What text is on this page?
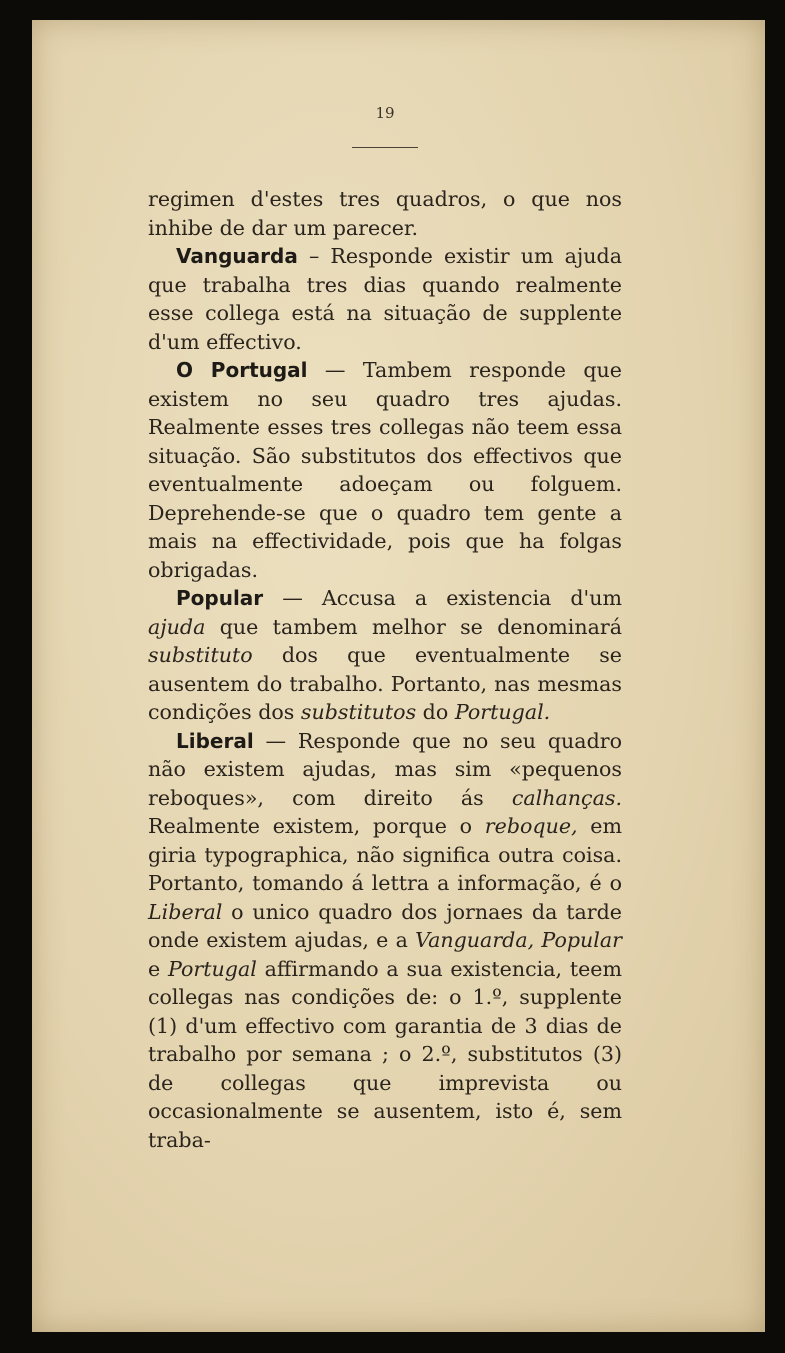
19

regimen d'estes tres quadros, o que nos inhibe de dar um parecer.

Vanguarda – Responde existir um ajuda que trabalha tres dias quando realmente esse collega está na situação de supplente d'um effectivo.

O Portugal — Tambem responde que existem no seu quadro tres ajudas. Realmente esses tres collegas não teem essa situação. São substitutos dos effectivos que eventualmente adoeçam ou folguem. Deprehende-se que o quadro tem gente a mais na effectividade, pois que ha folgas obrigadas.

Popular — Accusa a existencia d'um ajuda que tambem melhor se denominará substituto dos que eventualmente se ausentem do trabalho. Portanto, nas mesmas condições dos substitutos do Portugal.

Liberal — Responde que no seu quadro não existem ajudas, mas sim «pequenos reboques», com direito ás calhanças. Realmente existem, porque o reboque, em giria typographica, não significa outra coisa. Portanto, tomando á lettra a informação, é o Liberal o unico quadro dos jornaes da tarde onde existem ajudas, e a Vanguarda, Popular e Portugal affirmando a sua existencia, teem collegas nas condições de: o 1.º, supplente (1) d'um effectivo com garantia de 3 dias de trabalho por semana ; o 2.º, substitutos (3) de collegas que imprevista ou occasionalmente se ausentem, isto é, sem traba-
